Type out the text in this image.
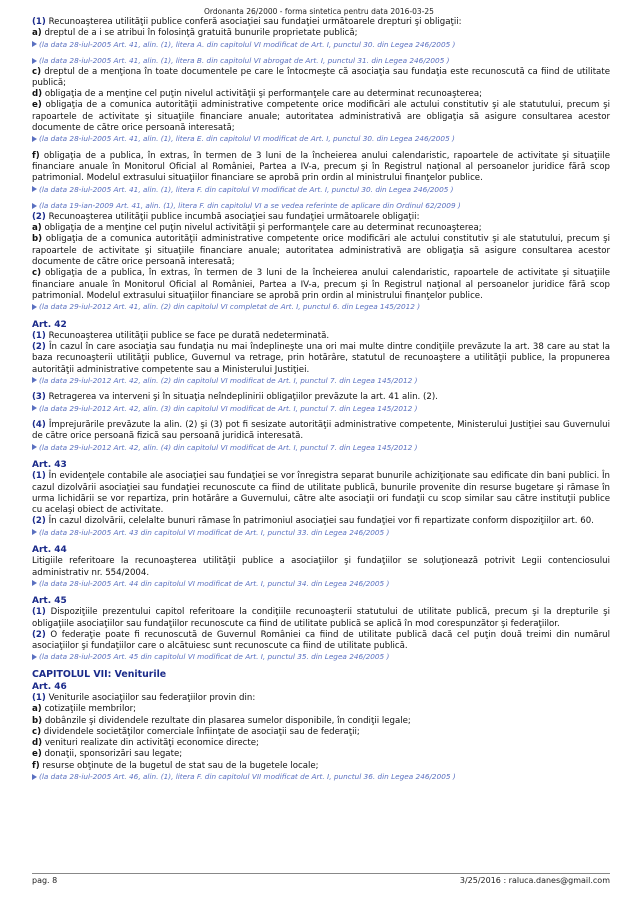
Ordonanta 26/2000 - forma sintetica pentru data 2016-03-25

(1) Recunoaşterea utilităţii publice conferă asociaţiei sau fundaţiei următoarele drepturi şi obligaţii:

a) dreptul de a i se atribui în folosinţă gratuită bunurile proprietate publică;

(la data 28-iul-2005 Art. 41, alin. (1), litera A. din capitolul VI modificat de Art. I, punctul 30. din Legea 246/2005 )

(la data 28-iul-2005 Art. 41, alin. (1), litera B. din capitolul VI abrogat de Art. I, punctul 31. din Legea 246/2005 )

c) dreptul de a menţiona în toate documentele pe care le întocmeşte că asociaţia sau fundaţia este recunoscută ca fiind de utilitate publică;

d) obligaţia de a menţine cel puţin nivelul activităţii şi performanţele care au determinat recunoaşterea;

e) obligaţia de a comunica autorităţii administrative competente orice modificări ale actului constitutiv şi ale statutului, precum şi rapoartele de activitate şi situaţiile financiare anuale; autoritatea administrativă are obligaţia să asigure consultarea acestor documente de către orice persoană interesată;

(la data 28-iul-2005 Art. 41, alin. (1), litera E. din capitolul VI modificat de Art. I, punctul 30. din Legea 246/2005 )

f) obligaţia de a publica, în extras, în termen de 3 luni de la încheierea anului calendaristic, rapoartele de activitate şi situaţiile financiare anuale în Monitorul Oficial al României, Partea a IV-a, precum şi în Registrul naţional al persoanelor juridice fără scop patrimonial. Modelul extrasului situaţiilor financiare se aprobă prin ordin al ministrului finanţelor publice.

(la data 28-iul-2005 Art. 41, alin. (1), litera F. din capitolul VI modificat de Art. I, punctul 30. din Legea 246/2005 )

(la data 19-ian-2009 Art. 41, alin. (1), litera F. din capitolul VI a se vedea referinte de aplicare din Ordinul 62/2009 )

(2) Recunoaşterea utilităţii publice incumbă asociaţiei sau fundaţiei următoarele obligaţii:

a) obligaţia de a menţine cel puţin nivelul activităţii şi performanţele care au determinat recunoaşterea;

b) obligaţia de a comunica autorităţii administrative competente orice modificări ale actului constitutiv şi ale statutului, precum şi rapoartele de activitate şi situaţiile financiare anuale; autoritatea administrativă are obligaţia să asigure consultarea acestor documente de către orice persoană interesată;

c) obligaţia de a publica, în extras, în termen de 3 luni de la încheierea anului calendaristic, rapoartele de activitate şi situaţiile financiare anuale în Monitorul Oficial al României, Partea a IV-a, precum şi în Registrul naţional al persoanelor juridice fără scop patrimonial. Modelul extrasului situaţiilor financiare se aprobă prin ordin al ministrului finanţelor publice.

(la data 29-iul-2012 Art. 41, alin. (2) din capitolul VI completat de Art. I, punctul 6. din Legea 145/2012 )

Art. 42

(1) Recunoaşterea utilităţii publice se face pe durată nedeterminată.

(2) În cazul în care asociaţia sau fundaţia nu mai îndeplineşte una ori mai multe dintre condiţiile prevăzute la art. 38 care au stat la baza recunoaşterii utilităţii publice, Guvernul va retrage, prin hotărâre, statutul de recunoaştere a utilităţii publice, la propunerea autorităţii administrative competente sau a Ministerului Justiţiei.

(la data 29-iul-2012 Art. 42, alin. (2) din capitolul VI modificat de Art. I, punctul 7. din Legea 145/2012 )

(3) Retragerea va interveni şi în situaţia neîndeplinirii obligaţiilor prevăzute la art. 41 alin. (2).

(la data 29-iul-2012 Art. 42, alin. (3) din capitolul VI modificat de Art. I, punctul 7. din Legea 145/2012 )

(4) Împrejurările prevăzute la alin. (2) şi (3) pot fi sesizate autorităţii administrative competente, Ministerului Justiţiei sau Guvernului de către orice persoană fizică sau persoană juridică interesată.

(la data 29-iul-2012 Art. 42, alin. (4) din capitolul VI modificat de Art. I, punctul 7. din Legea 145/2012 )

Art. 43

(1) În evidenţele contabile ale asociaţiei sau fundaţiei se vor înregistra separat bunurile achiziţionate sau edificate din bani publici. În cazul dizolvării asociaţiei sau fundaţiei recunoscute ca fiind de utilitate publică, bunurile provenite din resurse bugetare şi rămase în urma lichidării se vor repartiza, prin hotărâre a Guvernului, către alte asociaţii ori fundaţii cu scop similar sau către instituţii publice cu acelaşi obiect de activitate.

(2) În cazul dizolvării, celelalte bunuri rămase în patrimoniul asociaţiei sau fundaţiei vor fi repartizate conform dispoziţiilor art. 60.

(la data 28-iul-2005 Art. 43 din capitolul VI modificat de Art. I, punctul 33. din Legea 246/2005 )

Art. 44

Litigiile referitoare la recunoaşterea utilităţii publice a asociaţiilor şi fundaţiilor se soluţionează potrivit Legii contenciosului administrativ nr. 554/2004.

(la data 28-iul-2005 Art. 44 din capitolul VI modificat de Art. I, punctul 34. din Legea 246/2005 )

Art. 45

(1) Dispoziţiile prezentului capitol referitoare la condiţiile recunoaşterii statutului de utilitate publică, precum şi la drepturile şi obligaţiile asociaţiilor sau fundaţiilor recunoscute ca fiind de utilitate publică se aplică în mod corespunzător şi federaţiilor.

(2) O federaţie poate fi recunoscută de Guvernul României ca fiind de utilitate publică dacă cel puţin două treimi din numărul asociaţiilor şi fundaţiilor care o alcătuiesc sunt recunoscute ca fiind de utilitate publică.

(la data 28-iul-2005 Art. 45 din capitolul VI modificat de Art. I, punctul 35. din Legea 246/2005 )

CAPITOLUL VII: Veniturile

Art. 46

(1) Veniturile asociaţiilor sau federaţiilor provin din:

a) cotizaţiile membrilor;

b) dobânzile şi dividendele rezultate din plasarea sumelor disponibile, în condiţii legale;

c) dividendele societăţilor comerciale înfiinţate de asociaţii sau de federaţii;

d) venituri realizate din activităţi economice directe;

e) donaţii, sponsorizări sau legate;

f) resurse obţinute de la bugetul de stat sau de la bugetele locale;

(la data 28-iul-2005 Art. 46, alin. (1), litera F. din capitolul VII modificat de Art. I, punctul 36. din Legea 246/2005 )

pag. 8	3/25/2016 : raluca.danes@gmail.com
